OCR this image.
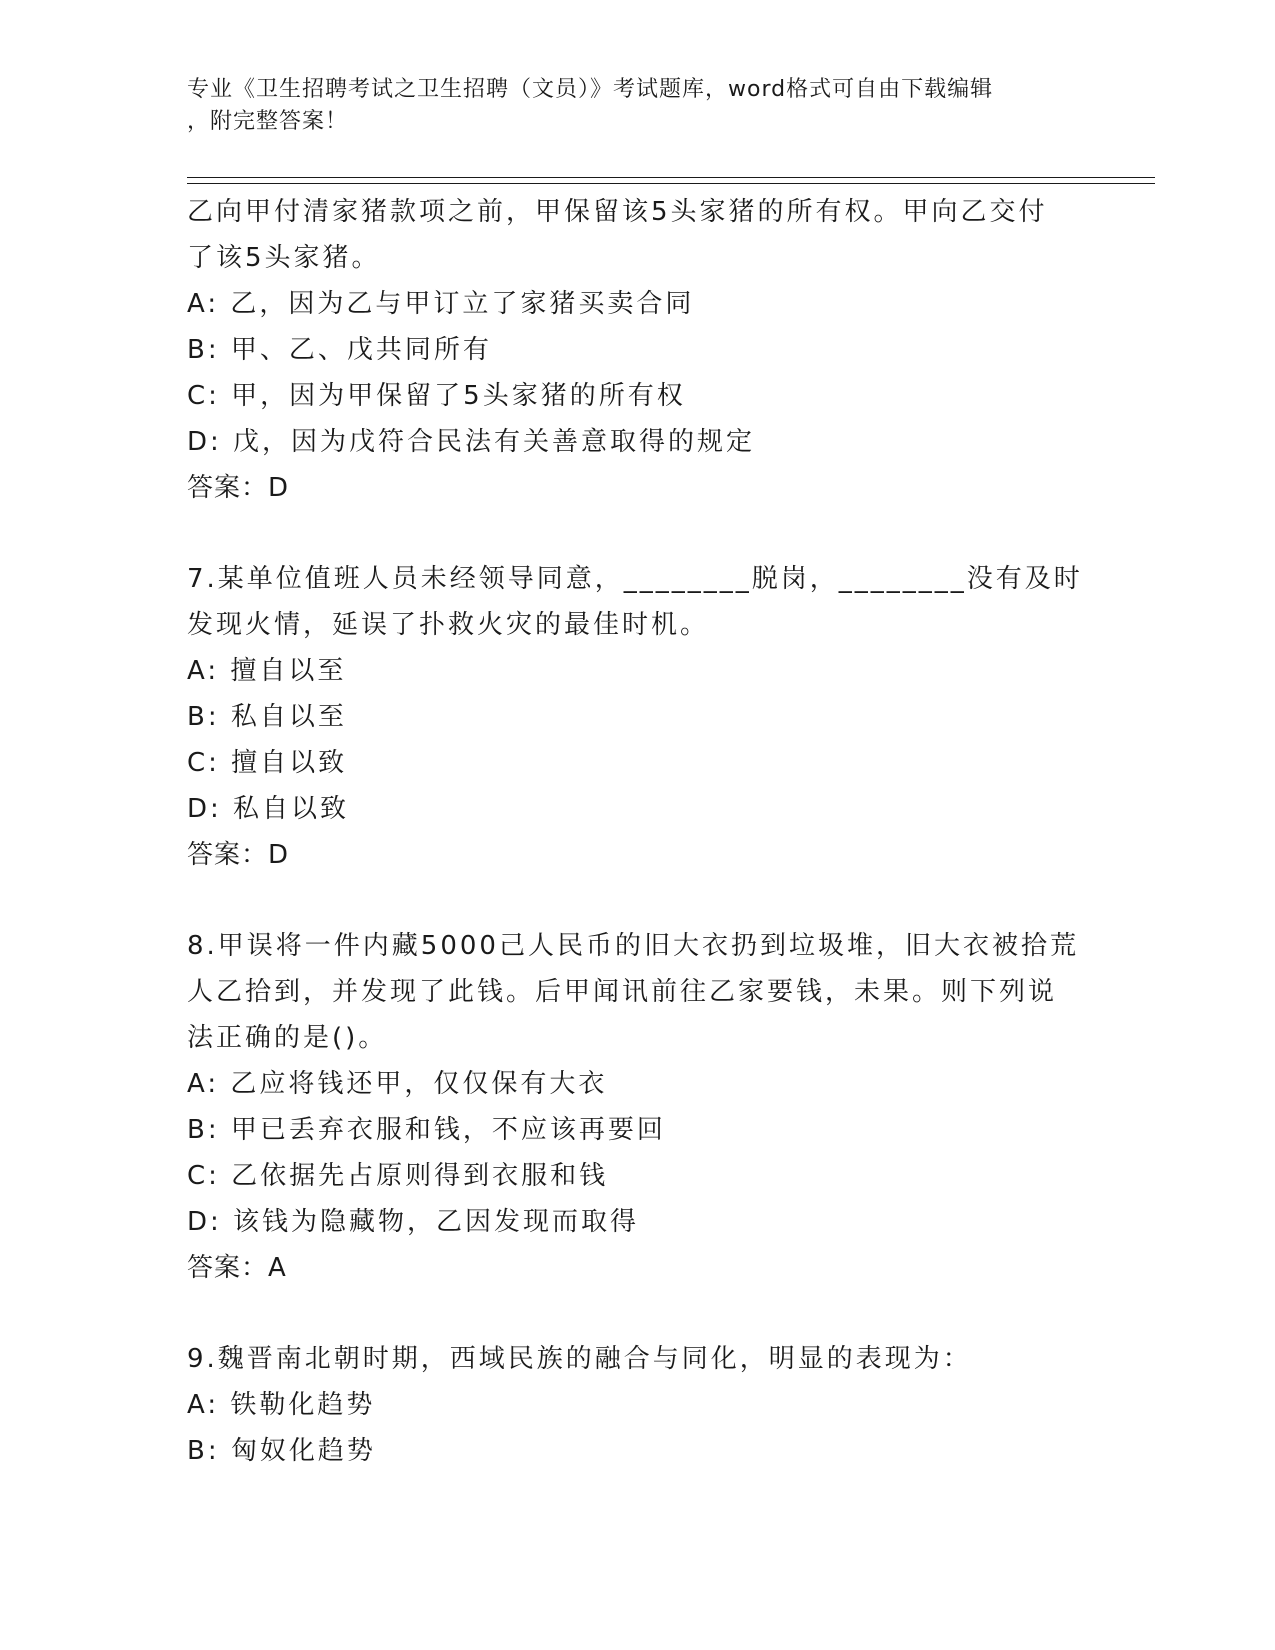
专业《卫生招聘考试之卫生招聘（文员）》考试题库，word格式可自由下载编辑
，附完整答案！
乙向甲付清家猪款项之前，甲保留该5头家猪的所有权。甲向乙交付
了该5头家猪。
A: 乙，因为乙与甲订立了家猪买卖合同
B: 甲、乙、戊共同所有
C: 甲，因为甲保留了5头家猪的所有权
D: 戊，因为戊符合民法有关善意取得的规定
答案：D
7.某单位值班人员未经领导同意，________脱岗，________没有及时
发现火情，延误了扑救火灾的最佳时机。
A: 擅自以至
B: 私自以至
C: 擅自以致
D: 私自以致
答案：D
8.甲误将一件内藏5000己人民币的旧大衣扔到垃圾堆，旧大衣被拾荒
人乙拾到，并发现了此钱。后甲闻讯前往乙家要钱，未果。则下列说
法正确的是()。
A: 乙应将钱还甲，仅仅保有大衣
B: 甲已丢弃衣服和钱，不应该再要回
C: 乙依据先占原则得到衣服和钱
D: 该钱为隐藏物，乙因发现而取得
答案：A
9.魏晋南北朝时期，西域民族的融合与同化，明显的表现为：
A: 铁勒化趋势
B: 匈奴化趋势
